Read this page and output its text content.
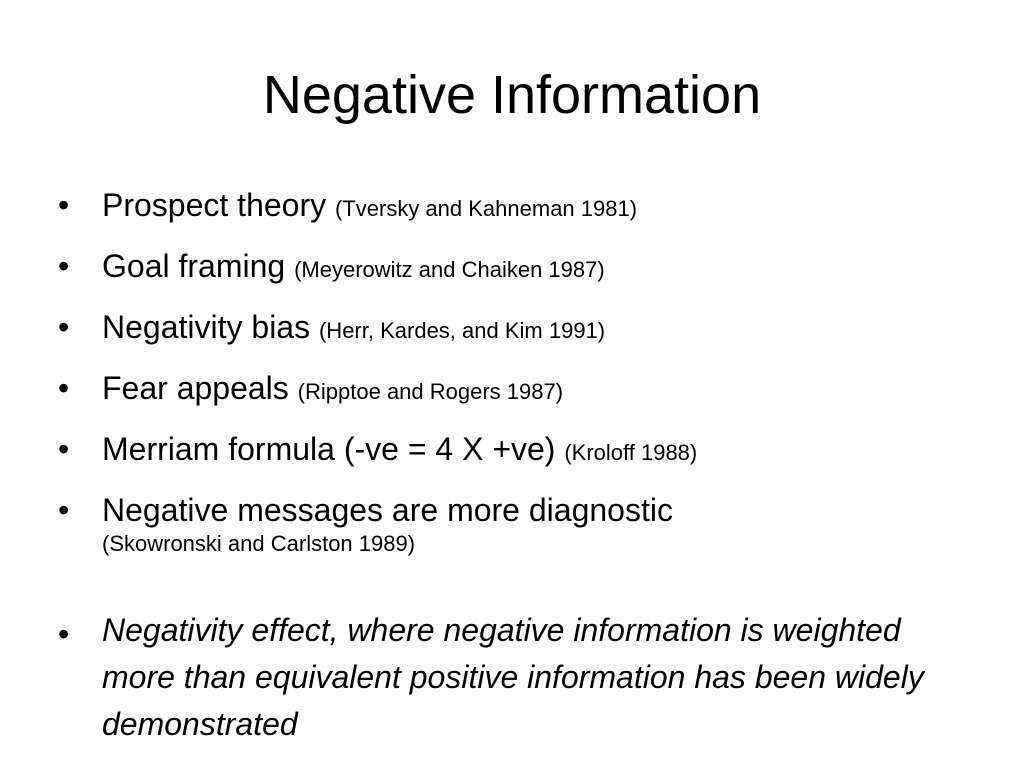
Negative Information
• Prospect theory (Tversky and Kahneman 1981)
• Goal framing (Meyerowitz and Chaiken 1987)
• Negativity bias (Herr, Kardes, and Kim 1991)
• Fear appeals (Ripptoe and Rogers 1987)
• Merriam formula (-ve = 4 X +ve) (Kroloff 1988)
• Negative messages are more diagnostic
(Skowronski and Carlston 1989)
• Negativity effect, where negative information is weighted more than equivalent positive information has been widely demonstrated
